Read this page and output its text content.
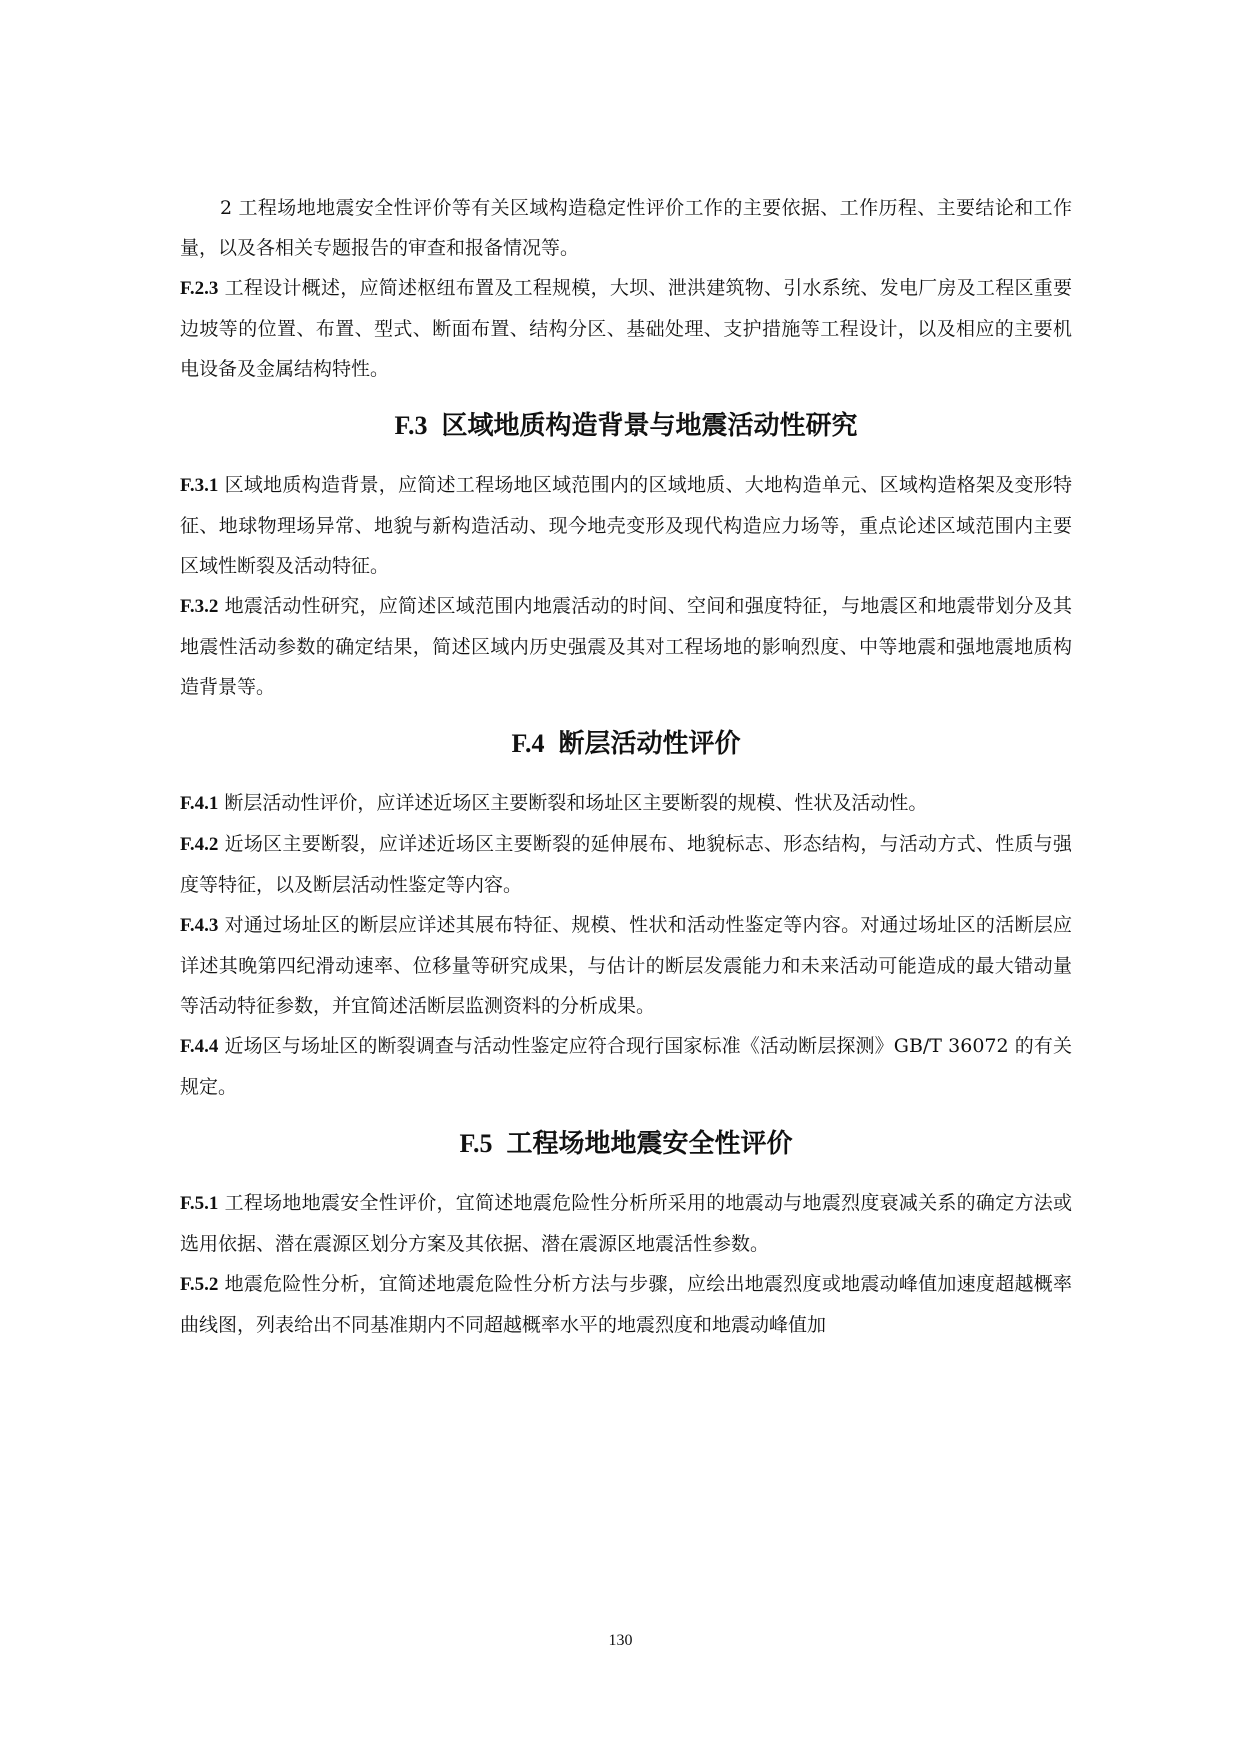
2 工程场地地震安全性评价等有关区域构造稳定性评价工作的主要依据、工作历程、主要结论和工作量，以及各相关专题报告的审查和报备情况等。

F.2.3 工程设计概述，应简述枢纽布置及工程规模，大坝、泄洪建筑物、引水系统、发电厂房及工程区重要边坡等的位置、布置、型式、断面布置、结构分区、基础处理、支护措施等工程设计，以及相应的主要机电设备及金属结构特性。

F.3 区域地质构造背景与地震活动性研究

F.3.1 区域地质构造背景，应简述工程场地区域范围内的区域地质、大地构造单元、区域构造格架及变形特征、地球物理场异常、地貌与新构造活动、现今地壳变形及现代构造应力场等，重点论述区域范围内主要区域性断裂及活动特征。

F.3.2 地震活动性研究，应简述区域范围内地震活动的时间、空间和强度特征，与地震区和地震带划分及其地震性活动参数的确定结果，简述区域内历史强震及其对工程场地的影响烈度、中等地震和强地震地质构造背景等。

F.4 断层活动性评价

F.4.1 断层活动性评价，应详述近场区主要断裂和场址区主要断裂的规模、性状及活动性。

F.4.2 近场区主要断裂，应详述近场区主要断裂的延伸展布、地貌标志、形态结构，与活动方式、性质与强度等特征，以及断层活动性鉴定等内容。

F.4.3 对通过场址区的断层应详述其展布特征、规模、性状和活动性鉴定等内容。对通过场址区的活断层应详述其晚第四纪滑动速率、位移量等研究成果，与估计的断层发震能力和未来活动可能造成的最大错动量等活动特征参数，并宜简述活断层监测资料的分析成果。

F.4.4 近场区与场址区的断裂调查与活动性鉴定应符合现行国家标准《活动断层探测》GB/T 36072 的有关规定。

F.5 工程场地地震安全性评价

F.5.1 工程场地地震安全性评价，宜简述地震危险性分析所采用的地震动与地震烈度衰减关系的确定方法或选用依据、潜在震源区划分方案及其依据、潜在震源区地震活性参数。

F.5.2 地震危险性分析，宜简述地震危险性分析方法与步骤，应绘出地震烈度或地震动峰值加速度超越概率曲线图，列表给出不同基准期内不同超越概率水平的地震烈度和地震动峰值加

130
